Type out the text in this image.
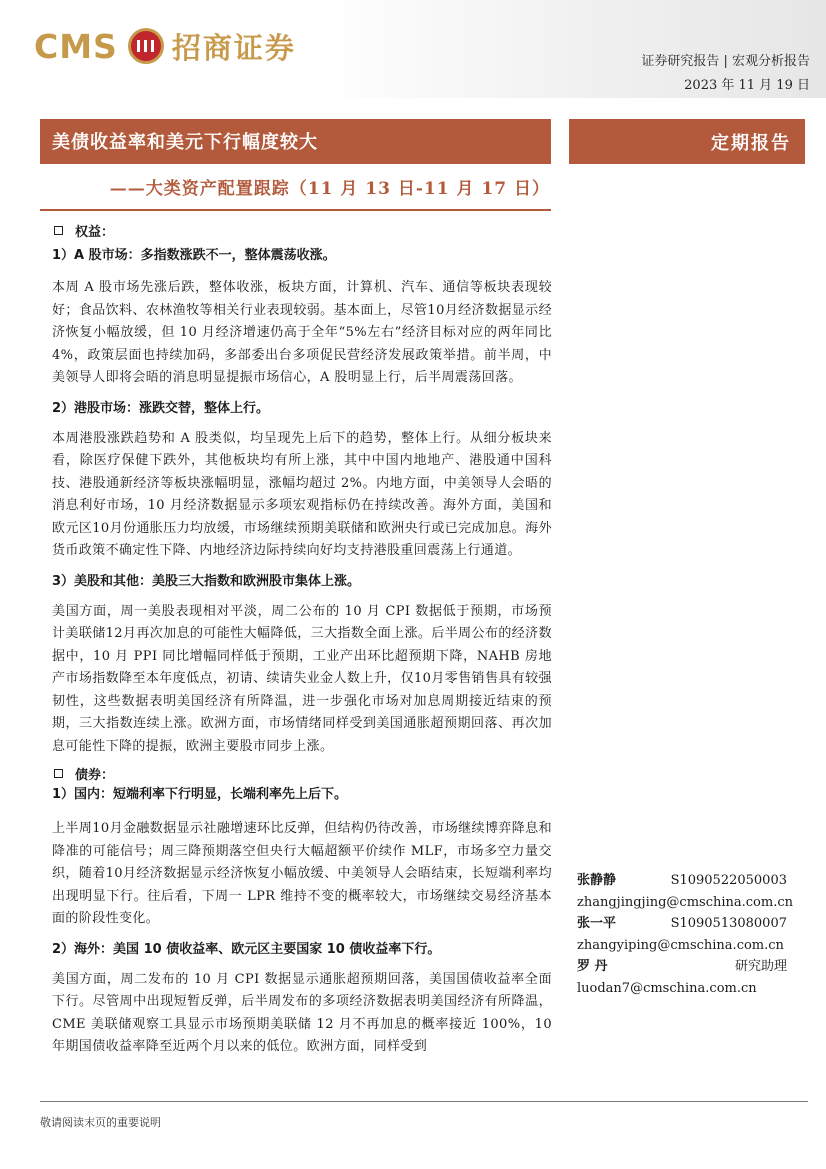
CMS 招商证券	证券研究报告 | 宏观分析报告
2023 年 11 月 19 日
美债收益率和美元下行幅度较大	定期报告
——大类资产配置跟踪（11 月 13 日-11 月 17 日）
权益：
1）A 股市场：多指数涨跌不一，整体震荡收涨。
本周 A 股市场先涨后跌，整体收涨，板块方面，计算机、汽车、通信等板块表现较好；食品饮料、农林渔牧等相关行业表现较弱。基本面上，尽管10月经济数据显示经济恢复小幅放缓，但 10 月经济增速仍高于全年“5%左右”经济目标对应的两年同比 4%，政策层面也持续加码，多部委出台多项促民营经济发展政策举措。前半周，中美领导人即将会晤的消息明显提振市场信心，A 股明显上行，后半周震荡回落。
2）港股市场：涨跌交替，整体上行。
本周港股涨跌趋势和 A 股类似，均呈现先上后下的趋势，整体上行。从细分板块来看，除医疗保健下跌外，其他板块均有所上涨，其中中国内地地产、港股通中国科技、港股通新经济等板块涨幅明显，涨幅均超过 2%。内地方面，中美领导人会晤的消息利好市场，10 月经济数据显示多项宏观指标仍在持续改善。海外方面，美国和欧元区10月份通胀压力均放缓，市场继续预期美联储和欧洲央行或已完成加息。海外货币政策不确定性下降、内地经济边际持续向好均支持港股重回震荡上行通道。
3）美股和其他：美股三大指数和欧洲股市集体上涨。
美国方面，周一美股表现相对平淡，周二公布的 10 月 CPI 数据低于预期，市场预计美联储12月再次加息的可能性大幅降低，三大指数全面上涨。后半周公布的经济数据中，10 月 PPI 同比增幅同样低于预期，工业产出环比超预期下降，NAHB 房地产市场指数降至本年度低点，初请、续请失业金人数上升，仅10月零售销售具有较强韧性，这些数据表明美国经济有所降温，进一步强化市场对加息周期接近结束的预期，三大指数连续上涨。欧洲方面，市场情绪同样受到美国通胀超预期回落、再次加息可能性下降的提振，欧洲主要股市同步上涨。
债券：
1）国内：短端利率下行明显，长端利率先上后下。
上半周10月金融数据显示社融增速环比反弹，但结构仍待改善，市场继续博弈降息和降准的可能信号；周三降预期落空但央行大幅超额平价续作 MLF，市场多空力量交织，随着10月经济数据显示经济恢复小幅放缓、中美领导人会晤结束，长短端利率均出现明显下行。往后看，下周一 LPR 维持不变的概率较大，市场继续交易经济基本面的阶段性变化。
2）海外：美国 10 债收益率、欧元区主要国家 10 债收益率下行。
美国方面，周二发布的 10 月 CPI 数据显示通胀超预期回落，美国国债收益率全面下行。尽管周中出现短暂反弹，后半周发布的多项经济数据表明美国经济有所降温，CME 美联储观察工具显示市场预期美联储 12 月不再加息的概率接近 100%，10 年期国债收益率降至近两个月以来的低位。欧洲方面，同样受到
张静静	S1090522050003
zhangjingjing@cmschina.com.cn
张一平	S1090513080007
zhangyiping@cmschina.com.cn
罗 丹	研究助理
luodan7@cmschina.com.cn
敬请阅读末页的重要说明
